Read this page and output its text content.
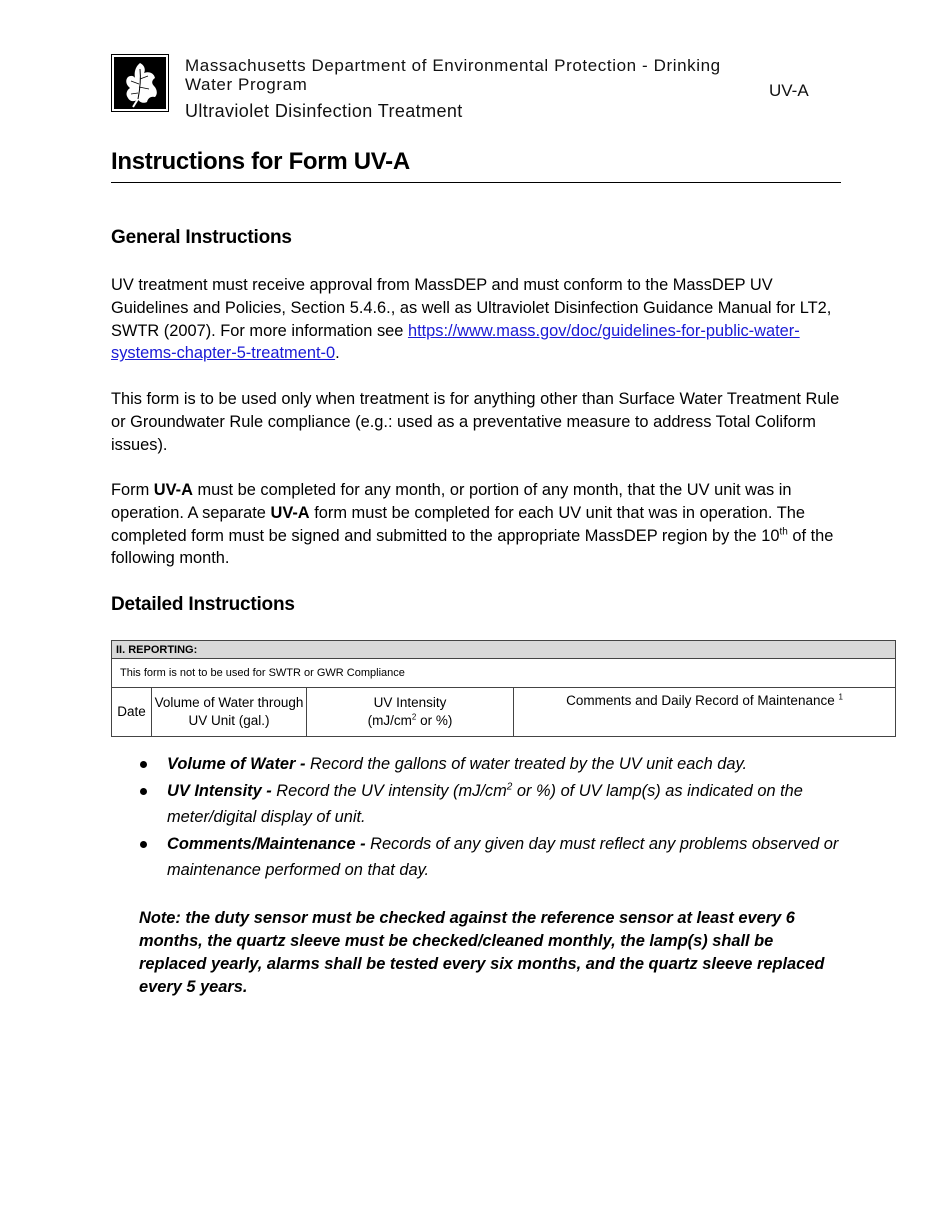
Massachusetts Department of Environmental Protection - Drinking Water Program
Ultraviolet Disinfection Treatment
UV-A
Instructions for Form UV-A
General Instructions

UV treatment must receive approval from MassDEP and must conform to the MassDEP UV Guidelines and Policies, Section 5.4.6., as well as Ultraviolet Disinfection Guidance Manual for LT2, SWTR (2007). For more information see https://www.mass.gov/doc/guidelines-for-public-water-systems-chapter-5-treatment-0.

This form is to be used only when treatment is for anything other than Surface Water Treatment Rule or Groundwater Rule compliance (e.g.: used as a preventative measure to address Total Coliform issues).

Form UV-A must be completed for any month, or portion of any month, that the UV unit was in operation. A separate UV-A form must be completed for each UV unit that was in operation. The completed form must be signed and submitted to the appropriate MassDEP region by the 10th of the following month.

Detailed Instructions
II. REPORTING:
This form is not to be used for SWTR or GWR Compliance
Date	Volume of Water through UV Unit (gal.)	UV Intensity
($mJ/cm^2$ or %)	Comments and Daily Record of Maintenance $^1$
Volume of Water - Record the gallons of water treated by the UV unit each day.
UV Intensity - Record the UV intensity ($mJ/cm^2$ or %) of UV lamp(s) as indicated on the meter/digital display of unit.
Comments/Maintenance - Records of any given day must reflect any problems observed or maintenance performed on that day.

Note: the duty sensor must be checked against the reference sensor at least every 6 months, the quartz sleeve must be checked/cleaned monthly, the lamp(s) shall be replaced yearly, alarms shall be tested every six months, and the quartz sleeve replaced every 5 years.
